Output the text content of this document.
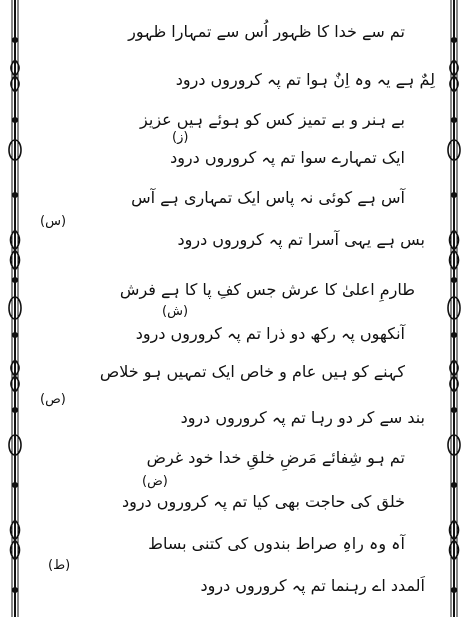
تم سے خدا کا ظہور اُس سے تمہارا ظہور
لِمٌ ہے یہ وہ اِنٌ ہوا تم پہ کروروں درود
بے ہنر و بے تمیز کس کو ہوئے ہیں عزیز
(ز)
ایک تمہارے سوا تم پہ کروروں درود
آس ہے کوئی نہ پاس ایک تمہاری ہے آس
(س)
بس ہے یہی آسرا تم پہ کروروں درود
طارمِ اعلیٰ کا عرش جس کفِ پا کا ہے فرش
(ش)
آنکھوں پہ رکھ دو ذرا تم پہ کروروں درود
کہنے کو ہیں عام و خاص ایک تمہیں ہو خلاص
(ص)
بند سے کر دو رہا تم پہ کروروں درود
تم ہو شِفائے مَرضِ خلقِ خدا خود غرض
(ض)
خلق کی حاجت بھی کیا تم پہ کروروں درود
آہ وہ راہِ صراط بندوں کی کتنی بساط
(ط)
اَلمدد اے رہنما تم پہ کروروں درود
